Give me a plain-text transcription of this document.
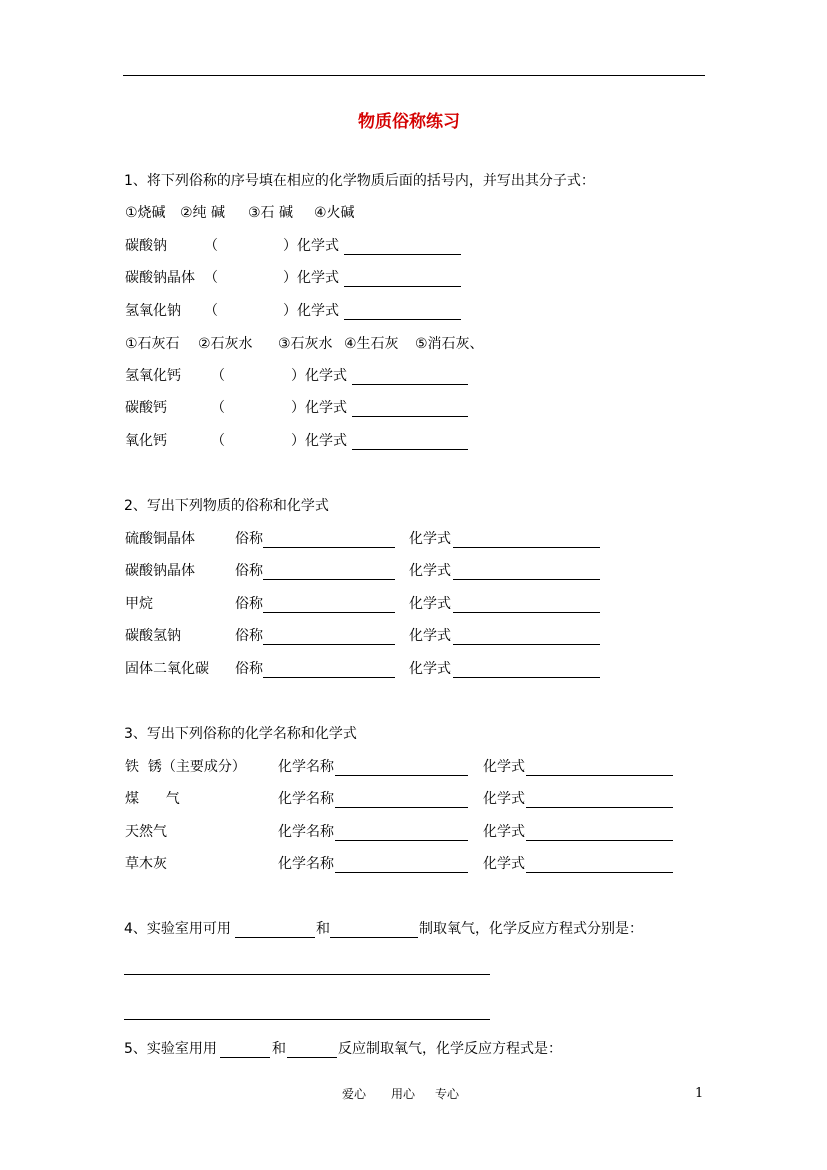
物质俗称练习
1、将下列俗称的序号填在相应的化学物质后面的括号内，并写出其分子式：
①烧碱 ②纯 碱 ③石 碱 ④火碱
碳酸钠	（	）化学式
碳酸钠晶体 （	）化学式
氢氧化钠 （	）化学式
①石灰石 ②石灰水 ③石灰水 ④生石灰 ⑤消石灰、
氢氧化钙 （	）化学式
碳酸钙	（	）化学式
氧化钙	（	）化学式
2、写出下列物质的俗称和化学式
硫酸铜晶体	俗称	化学式
碳酸钠晶体	俗称	化学式
甲烷	俗称	化学式
碳酸氢钠	俗称	化学式
固体二氧化碳 俗称	化学式
3、写出下列俗称的化学名称和化学式
铁  锈（主要成分） 化学名称	化学式
煤      气	化学名称	化学式
天然气	化学名称	化学式
草木灰	化学名称	化学式
4、实验室用可用	和	制取氧气，化学反应方程式分别是：
5、实验室用用	和	反应制取氧气，化学反应方程式是：
爱心 用心 专心	1
